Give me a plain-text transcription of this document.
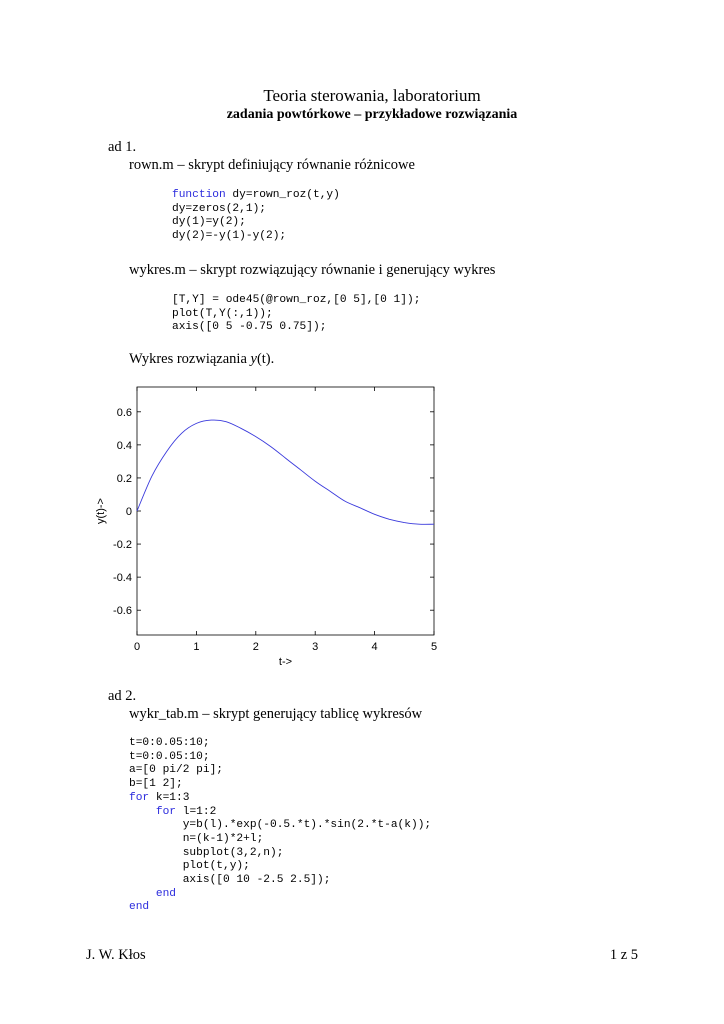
Teoria sterowania, laboratorium
zadania powtórkowe – przykładowe rozwiązania
ad 1.
rown.m – skrypt definiujący równanie różnicowe
function dy=rown_roz(t,y)
dy=zeros(2,1);
dy(1)=y(2);
dy(2)=-y(1)-y(2);
wykres.m – skrypt rozwiązujący równanie i generujący wykres
[T,Y] = ode45(@rown_roz,[0 5],[0 1]);
plot(T,Y(:,1));
axis([0 5 -0.75 0.75]);
Wykres rozwiązania y(t).
0	1	2	3	4	5
0.6
0.4
0.2
0
-0.2
-0.4
-0.6
t->
y(t)->
ad 2.
wykr_tab.m – skrypt generujący tablicę wykresów
t=0:0.05:10;
t=0:0.05:10;
a=[0 pi/2 pi];
b=[1 2];
for k=1:3
for l=1:2
y=b(l).*exp(-0.5.*t).*sin(2.*t-a(k));
n=(k-1)*2+l;
subplot(3,2,n);
plot(t,y);
axis([0 10 -2.5 2.5]);
end
end
J. W. Kłos	1 z 5
